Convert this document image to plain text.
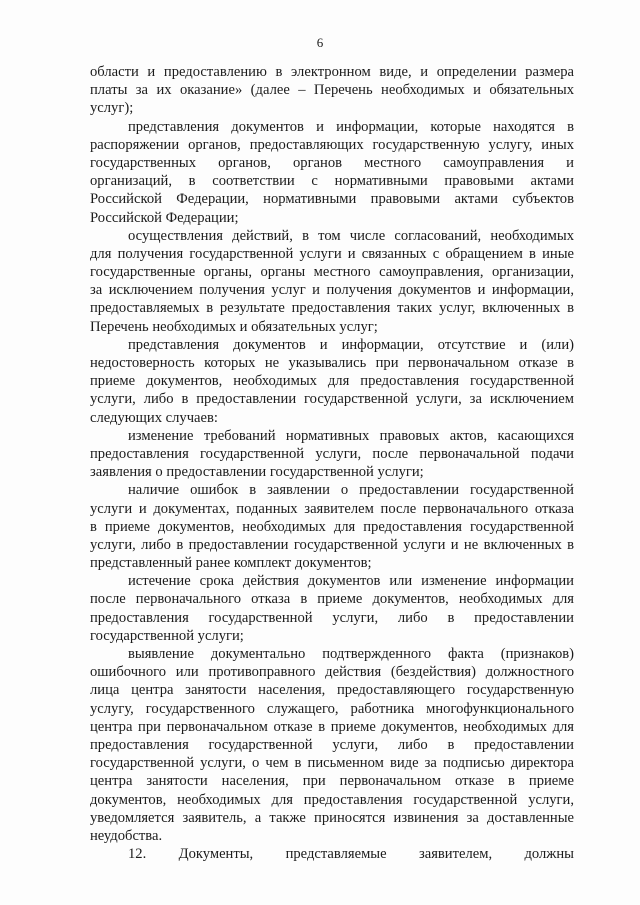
6
области и предоставлению в электронном виде, и определении размера
платы за их оказание» (далее – Перечень необходимых и обязательных
услуг);
представления документов и информации, которые находятся в
распоряжении органов, предоставляющих государственную услугу, иных
государственных органов, органов местного самоуправления и
организаций, в соответствии с нормативными правовыми актами
Российской Федерации, нормативными правовыми актами субъектов
Российской Федерации;
осуществления действий, в том числе согласований, необходимых
для получения государственной услуги и связанных с обращением в иные
государственные органы, органы местного самоуправления, организации,
за исключением получения услуг и получения документов и информации,
предоставляемых в результате предоставления таких услуг, включенных в
Перечень необходимых и обязательных услуг;
представления документов и информации, отсутствие и (или)
недостоверность которых не указывались при первоначальном отказе в
приеме документов, необходимых для предоставления государственной
услуги, либо в предоставлении государственной услуги, за исключением
следующих случаев:
изменение требований нормативных правовых актов, касающихся
предоставления государственной услуги, после первоначальной подачи
заявления о предоставлении государственной услуги;
наличие ошибок в заявлении о предоставлении государственной
услуги и документах, поданных заявителем после первоначального отказа
в приеме документов, необходимых для предоставления государственной
услуги, либо в предоставлении государственной услуги и не включенных в
представленный ранее комплект документов;
истечение срока действия документов или изменение информации
после первоначального отказа в приеме документов, необходимых для
предоставления государственной услуги, либо в предоставлении
государственной услуги;
выявление документально подтвержденного факта (признаков)
ошибочного или противоправного действия (бездействия) должностного
лица центра занятости населения, предоставляющего государственную
услугу, государственного служащего, работника многофункционального
центра при первоначальном отказе в приеме документов, необходимых для
предоставления государственной услуги, либо в предоставлении
государственной услуги, о чем в письменном виде за подписью директора
центра занятости населения, при первоначальном отказе в приеме
документов, необходимых для предоставления государственной услуги,
уведомляется заявитель, а также приносятся извинения за доставленные
неудобства.
12. Документы, представляемые заявителем, должны
